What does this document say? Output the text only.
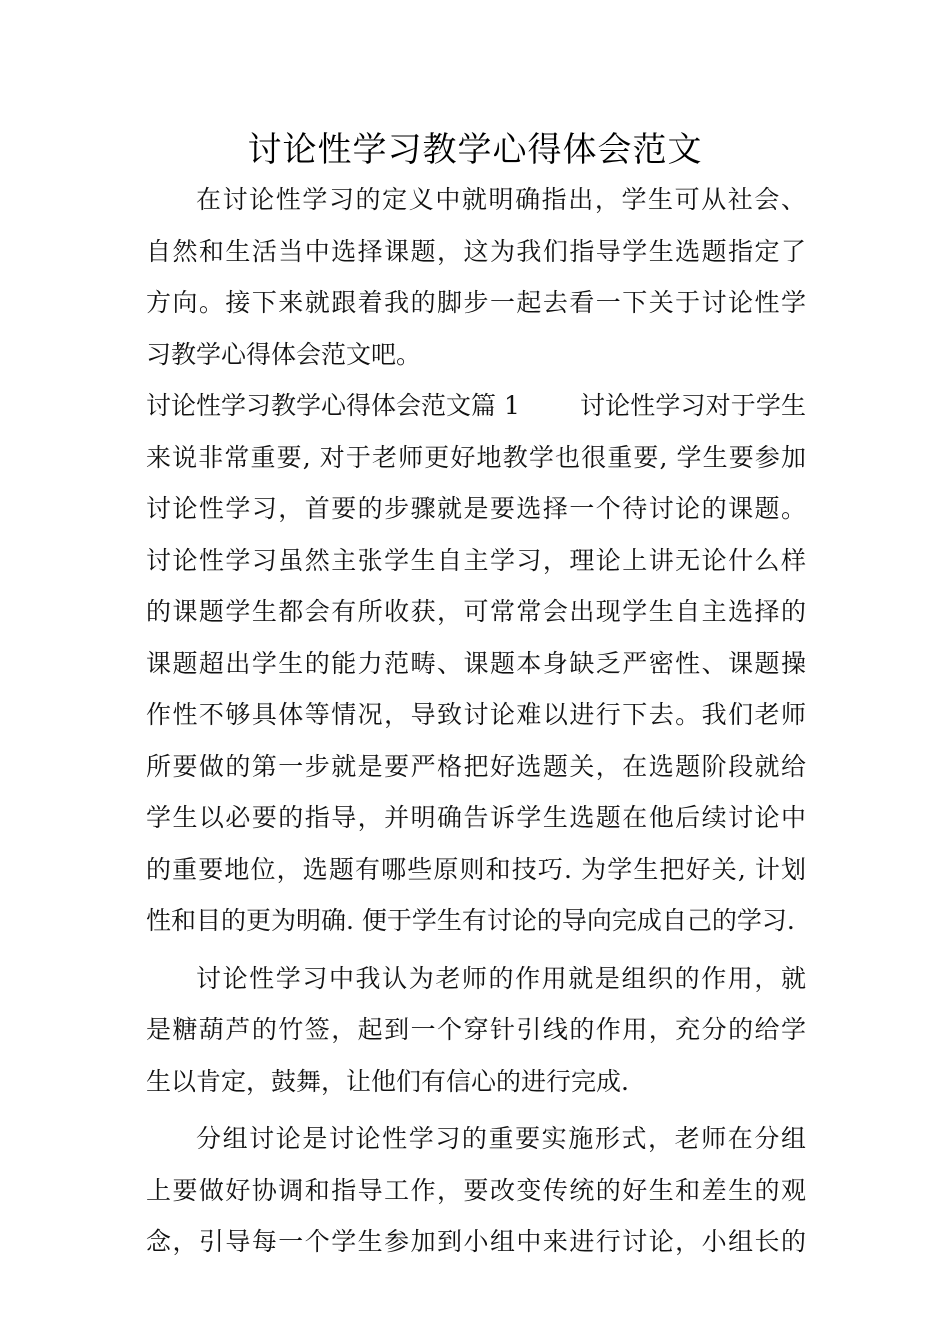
讨论性学习教学心得体会范文
在讨论性学习的定义中就明确指出，学生可从社会、
自然和生活当中选择课题，这为我们指导学生选题指定了
方向。接下来就跟着我的脚步一起去看一下关于讨论性学
习教学心得体会范文吧。
讨论性学习教学心得体会范文篇 1 讨论性学习对于学生
来说非常重要, 对于老师更好地教学也很重要, 学生要参加
讨论性学习，首要的步骤就是要选择一个待讨论的课题。
讨论性学习虽然主张学生自主学习，理论上讲无论什么样
的课题学生都会有所收获，可常常会出现学生自主选择的
课题超出学生的能力范畴、课题本身缺乏严密性、课题操
作性不够具体等情况，导致讨论难以进行下去。我们老师
所要做的第一步就是要严格把好选题关，在选题阶段就给
学生以必要的指导，并明确告诉学生选题在他后续讨论中
的重要地位，选题有哪些原则和技巧. 为学生把好关, 计划
性和目的更为明确. 便于学生有讨论的导向完成自己的学习.
讨论性学习中我认为老师的作用就是组织的作用，就
是糖葫芦的竹签，起到一个穿针引线的作用，充分的给学
生以肯定，鼓舞，让他们有信心的进行完成.
分组讨论是讨论性学习的重要实施形式，老师在分组
上要做好协调和指导工作，要改变传统的好生和差生的观
念，引导每一个学生参加到小组中来进行讨论，小组长的
